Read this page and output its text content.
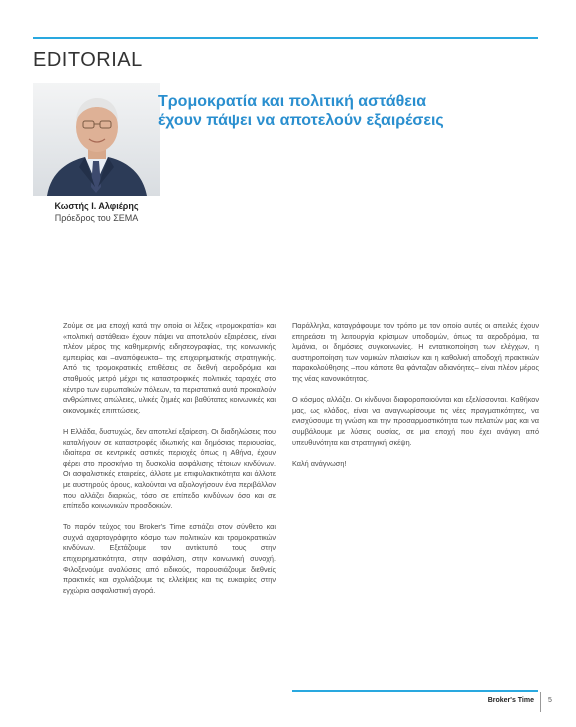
EDITORIAL
Κωστής Ι. Αλφιέρης
Πρόεδρος του ΣΕΜΑ
Τρομοκρατία και πολιτική αστάθεια
έχουν πάψει να αποτελούν εξαιρέσεις

Ζούμε σε μια εποχή κατά την οποία οι λέξεις «τρομοκρατία» και «πολιτική αστάθεια» έχουν πάψει να αποτελούν εξαιρέσεις, είναι πλέον μέρος της καθημερινής ειδησεογραφίας, της κοινωνικής εμπειρίας και –αναπόφευκτα– της επιχειρηματικής στρατηγικής. Από τις τρομοκρατικές επιθέσεις σε διεθνή αεροδρόμια και σταθμούς μετρό μέχρι τις καταστροφικές πολιτικές ταραχές στο κέντρο των ευρωπαϊκών πόλεων, τα περιστατικά αυτά προκαλούν ανθρώπινες απώλειες, υλικές ζημιές και βαθύτατες κοινωνικές και οικονομικές επιπτώσεις.

Η Ελλάδα, δυστυχώς, δεν αποτελεί εξαίρεση. Οι διαδηλώσεις που καταλήγουν σε καταστροφές ιδιωτικής και δημόσιας περιουσίας, ιδιαίτερα σε κεντρικές αστικές περιοχές όπως η Αθήνα, έχουν φέρει στο προσκήνιο τη δυσκολία ασφάλισης τέτοιων κινδύνων. Οι ασφαλιστικές εταιρείες, άλλοτε με επιφυλακτικότητα και άλλοτε με αυστηρούς όρους, καλούνται να αξιολογήσουν ένα περιβάλλον που αλλάζει διαρκώς, τόσο σε επίπεδο κινδύνων όσο και σε επίπεδο κοινωνικών προσδοκιών.

Το παρόν τεύχος του Broker's Time εστιάζει στον σύνθετο και συχνά αχαρτογράφητο κόσμο των πολιτικών και τρομοκρατικών κινδύνων. Εξετάζουμε τον αντίκτυπό τους στην επιχειρηματικότητα, στην ασφάλιση, στην κοινωνική συνοχή. Φιλοξενούμε αναλύσεις από ειδικούς, παρουσιάζουμε διεθνείς πρακτικές και σχολιάζουμε τις ελλείψεις και τις ευκαιρίες στην εγχώρια ασφαλιστική αγορά.

Παράλληλα, καταγράφουμε τον τρόπο με τον οποίο αυτές οι απειλές έχουν επηρεάσει τη λειτουργία κρίσιμων υποδομών, όπως τα αεροδρόμια, τα λιμάνια, οι δημόσιες συγκοινωνίες. Η εντατικοποίηση των ελέγχων, η αυστηροποίηση των νομικών πλαισίων και η καθολική αποδοχή πρακτικών παρακολούθησης –που κάποτε θα φάνταζαν αδιανόητες– είναι πλέον μέρος της νέας κανονικότητας.

Ο κόσμος αλλάζει. Οι κίνδυνοι διαφοροποιούνται και εξελίσσονται. Καθήκον μας, ως κλάδος, είναι να αναγνωρίσουμε τις νέες πραγματικότητες, να ενισχύσουμε τη γνώση και την προσαρμοστικότητα των πελατών μας και να συμβάλουμε με λύσεις ουσίας, σε μια εποχή που έχει ανάγκη από υπευθυνότητα και στρατηγική σκέψη.

Καλή ανάγνωση!

Broker's Time 5
